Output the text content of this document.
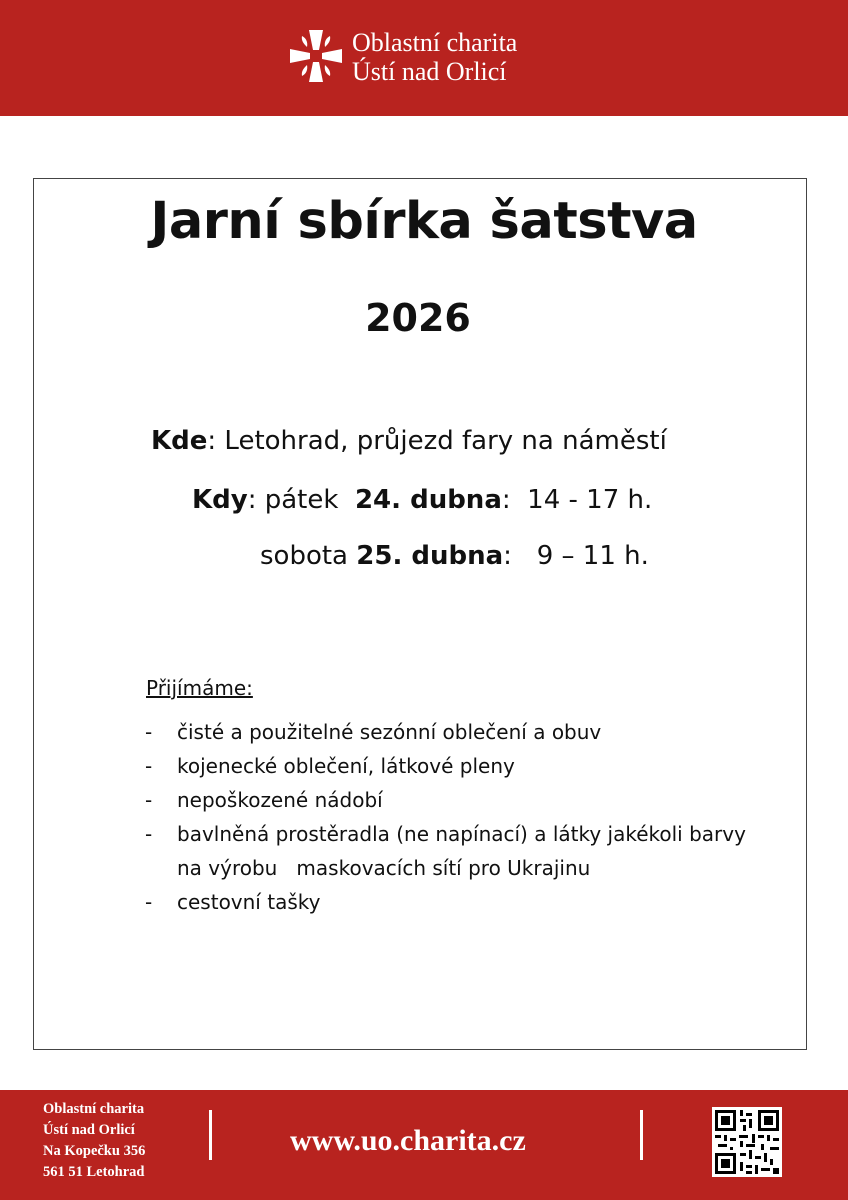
Oblastní charita
Ústí nad Orlicí
Jarní sbírka šatstva
2026
Kde: Letohrad, průjezd fary na náměstí
Kdy: pátek  24. dubna:  14 - 17 h.
sobota 25. dubna:   9 – 11 h.
Přijímáme:
- čisté a použitelné sezónní oblečení a obuv
- kojenecké oblečení, látkové pleny
- nepoškozené nádobí
- bavlněná prostěradla (ne napínací) a látky jakékoli barvy
na výrobu   maskovacích sítí pro Ukrajinu
- cestovní tašky
Oblastní charita
Ústí nad Orlicí
Na Kopečku 356
561 51 Letohrad
www.uo.charita.cz
